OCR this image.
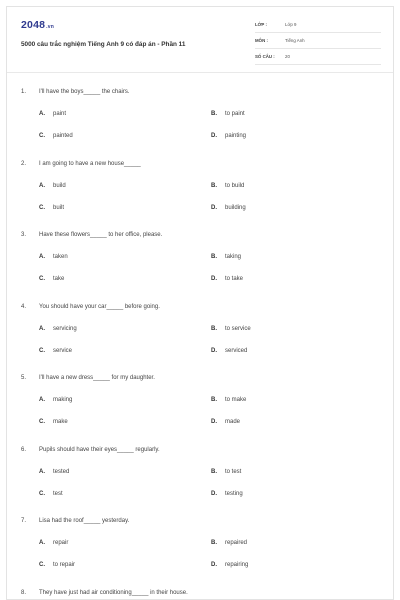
2048.vn
5000 câu trắc nghiệm Tiếng Anh 9 có đáp án - Phần 11
LỚP :	Lớp 9
MÔN :	Tiếng Anh
SỐ CÂU : 20
1. I'll have the boys_____ the chairs.
A. paint	B. to paint
C. painted	D. painting
2. I am going to have a new house_____
A. build	B. to build
C. built	D. building
3. Have these flowers_____ to her office, please.
A. taken	B. taking
C. take	D. to take
4. You should have your car_____ before going.
A. servicing	B. to service
C. service	D. serviced
5. I'll have a new dress_____ for my daughter.
A. making	B. to make
C. make	D. made
6. Pupils should have their eyes_____ regularly.
A. tested	B. to test
C. test	D. testing
7. Lisa had the roof_____ yesterday.
A. repair	B. repaired
C. to repair	D. repairing
8. They have just had air conditioning_____ in their house.
